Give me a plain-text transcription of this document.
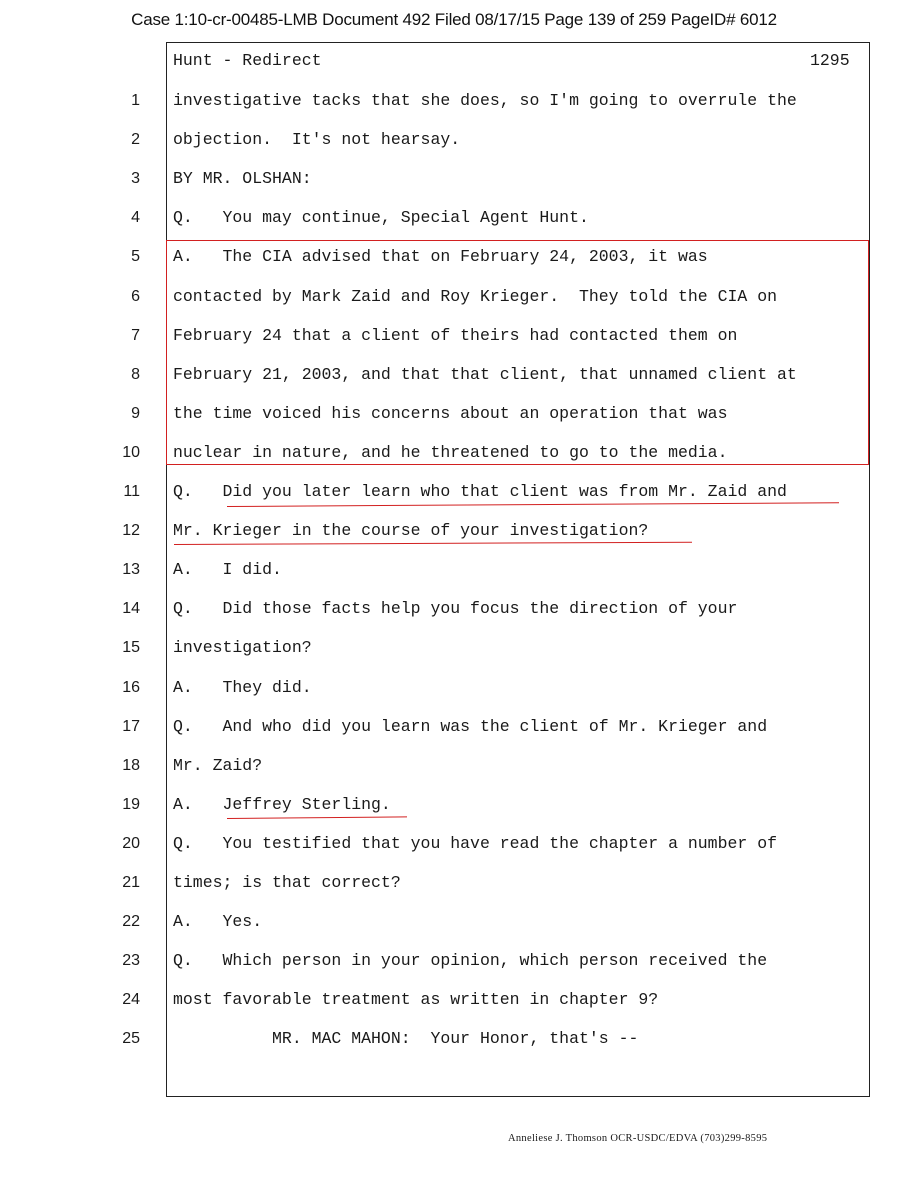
Case 1:10-cr-00485-LMB Document 492 Filed 08/17/15 Page 139 of 259 PageID# 6012
Hunt - Redirect	1295
1 investigative tacks that she does, so I'm going to overrule the
2 objection.  It's not hearsay.
3 BY MR. OLSHAN:
4 Q.   You may continue, Special Agent Hunt.
5 A.   The CIA advised that on February 24, 2003, it was
6 contacted by Mark Zaid and Roy Krieger.  They told the CIA on
7 February 24 that a client of theirs had contacted them on
8 February 21, 2003, and that that client, that unnamed client at
9 the time voiced his concerns about an operation that was
10 nuclear in nature, and he threatened to go to the media.
11 Q.   Did you later learn who that client was from Mr. Zaid and
12 Mr. Krieger in the course of your investigation?
13 A.   I did.
14 Q.   Did those facts help you focus the direction of your
15 investigation?
16 A.   They did.
17 Q.   And who did you learn was the client of Mr. Krieger and
18 Mr. Zaid?
19 A.   Jeffrey Sterling.
20 Q.   You testified that you have read the chapter a number of
21 times; is that correct?
22 A.   Yes.
23 Q.   Which person in your opinion, which person received the
24 most favorable treatment as written in chapter 9?
25 MR. MAC MAHON:  Your Honor, that's --
Anneliese J. Thomson OCR-USDC/EDVA (703)299-8595
